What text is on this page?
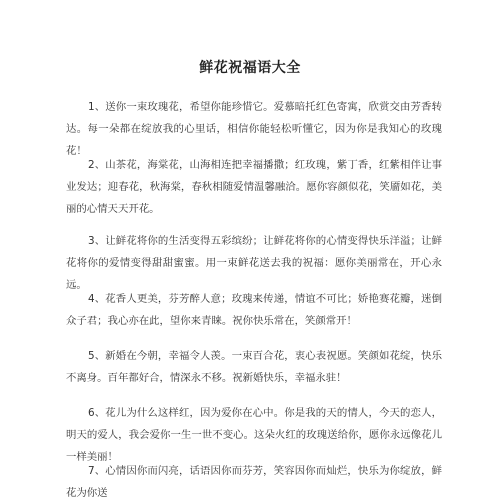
鲜花祝福语大全

1、送你一束玫瑰花，希望你能珍惜它。爱慕暗托红色寄寓，欣赏交由芳香转达。每一朵都在绽放我的心里话，相信你能轻松听懂它，因为你是我知心的玫瑰花！

2、山茶花，海棠花，山海相连把幸福播撒；红玫瑰，紫丁香，红紫相伴让事业发达；迎春花，秋海棠，春秋相随爱情温馨融洽。愿你容颜似花，笑靥如花，美丽的心情天天开花。

3、让鲜花将你的生活变得五彩缤纷；让鲜花将你的心情变得快乐洋溢；让鲜花将你的爱情变得甜甜蜜蜜。用一束鲜花送去我的祝福：愿你美丽常在，开心永远。

4、花香人更美，芬芳醉人意；玫瑰来传递，情谊不可比；娇艳赛花瓣，迷倒众子君；我心亦在此，望你来青睐。祝你快乐常在，笑颜常开！

5、新婚在今朝，幸福令人羡。一束百合花，衷心表祝愿。笑颜如花绽，快乐不离身。百年都好合，情深永不移。祝新婚快乐，幸福永驻！

6、花儿为什么这样红，因为爱你在心中。你是我的天的情人，今天的恋人，明天的爱人，我会爱你一生一世不变心。这朵火红的玫瑰送给你，愿你永远像花儿一样美丽！

7、心情因你而闪亮，话语因你而芬芳，笑容因你而灿烂，快乐为你绽放，鲜花为你送
